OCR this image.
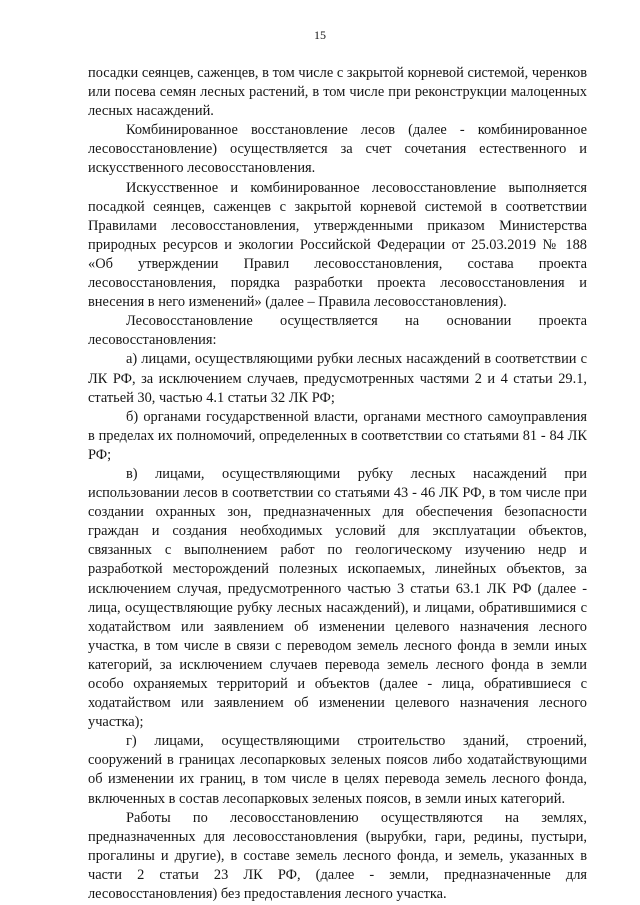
15

посадки сеянцев, саженцев, в том числе с закрытой корневой системой, черенков или посева семян лесных растений, в том числе при реконструкции малоценных лесных насаждений.

Комбинированное восстановление лесов (далее - комбинированное лесовосстановление) осуществляется за счет сочетания естественного и искусственного лесовосстановления.

Искусственное и комбинированное лесовосстановление выполняется посадкой сеянцев, саженцев с закрытой корневой системой в соответствии Правилами лесовосстановления, утвержденными приказом Министерства природных ресурсов и экологии Российской Федерации от 25.03.2019 № 188 «Об утверждении Правил лесовосстановления, состава проекта лесовосстановления, порядка разработки проекта лесовосстановления и внесения в него изменений» (далее – Правила лесовосстановления).

Лесовосстановление осуществляется на основании проекта лесовосстановления:

а) лицами, осуществляющими рубки лесных насаждений в соответствии с ЛК РФ, за исключением случаев, предусмотренных частями 2 и 4 статьи 29.1, статьей 30, частью 4.1 статьи 32 ЛК РФ;

б) органами государственной власти, органами местного самоуправления в пределах их полномочий, определенных в соответствии со статьями 81 - 84 ЛК РФ;

в) лицами, осуществляющими рубку лесных насаждений при использовании лесов в соответствии со статьями 43 - 46 ЛК РФ, в том числе при создании охранных зон, предназначенных для обеспечения безопасности граждан и создания необходимых условий для эксплуатации объектов, связанных с выполнением работ по геологическому изучению недр и разработкой месторождений полезных ископаемых, линейных объектов, за исключением случая, предусмотренного частью 3 статьи 63.1 ЛК РФ (далее - лица, осуществляющие рубку лесных насаждений), и лицами, обратившимися с ходатайством или заявлением об изменении целевого назначения лесного участка, в том числе в связи с переводом земель лесного фонда в земли иных категорий, за исключением случаев перевода земель лесного фонда в земли особо охраняемых территорий и объектов (далее - лица, обратившиеся с ходатайством или заявлением об изменении целевого назначения лесного участка);

г) лицами, осуществляющими строительство зданий, строений, сооружений в границах лесопарковых зеленых поясов либо ходатайствующими об изменении их границ, в том числе в целях перевода земель лесного фонда, включенных в состав лесопарковых зеленых поясов, в земли иных категорий.

Работы по лесовосстановлению осуществляются на землях, предназначенных для лесовосстановления (вырубки, гари, редины, пустыри, прогалины и другие), в составе земель лесного фонда, и земель, указанных в части 2 статьи 23 ЛК РФ, (далее - земли, предназначенные для лесовосстановления) без предоставления лесного участка.
